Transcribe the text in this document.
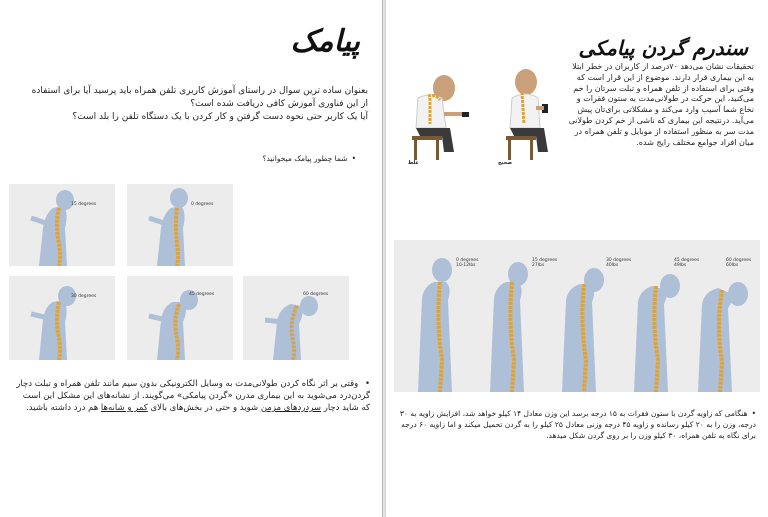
پیامک
بعنوان ساده ترین سوال در راستای آموزش کاربری تلفن همراه باید پرسید آیا برای استفاده از این فناوری آموزش کافی دریافت شده است؟
آیا یک کاربر حتی نحوه دست گرفتن و کار کردن با یک دستگاه تلفن را بلد است؟
• شما چطور پیامک میخوانید؟
15 degrees	0 degrees
30 degrees	45 degrees	60 degrees
• وقتی بر اثر نگاه کردن طولانی‌مدت به وسایل الکترونیکی بدون سیم مانند تلفن همراه و تبلت دچار گردن‌درد می‌شوید به این بیماری مدرن «گردن پیامکی» می‌گویند. از نشانه‌های این مشکل این است که شاید دچار سردردهای مزمن شوید و حتی در بخش‌های بالای کمر و شانه‌ها هم درد داشته باشید.
سندرم گردن پیامکی
صحیح
غلط
تحقیقات نشان می‌دهد ۷۰درصد از کاربران در خطر ابتلا به این بیماری قرار دارند. موضوع از این قرار است که وقتی برای استفاده از تلفن همراه و تبلت سرتان را خم می‌کنید، این حرکت در طولانی‌مدت به ستون فقرات و نخاع شما آسیب وارد می‌کند و مشکلاتی برای‌تان پیش می‌آید. درنتیجه این بیماری که ناشی از خم کردن طولانی مدت سر به منظور استفاده از موبایل و تلفن همراه در میان افراد جوامع مختلف رایج شده.
0 degrees
10-12lbs
15 degrees
27lbs
30 degrees
40lbs
45 degrees
49lbs
60 degrees
60lbs
• هنگامی که زاویه گردن با ستون فقرات به ۱۵ درجه برسد این وزن معادل ۱۴ کیلو خواهد شد، افزایش زاویه به ۳۰ درجه، وزن را به ۲۰ کیلو رسانده و زاویه ۴۵ درجه وزنی معادل ۲۵ کیلو را به گردن تحمیل میکند و اما زاویه ۶۰ درجه برای نگاه به تلفن همراه، ۳۰ کیلو وزن را بر روی گردن شکل میدهد.
